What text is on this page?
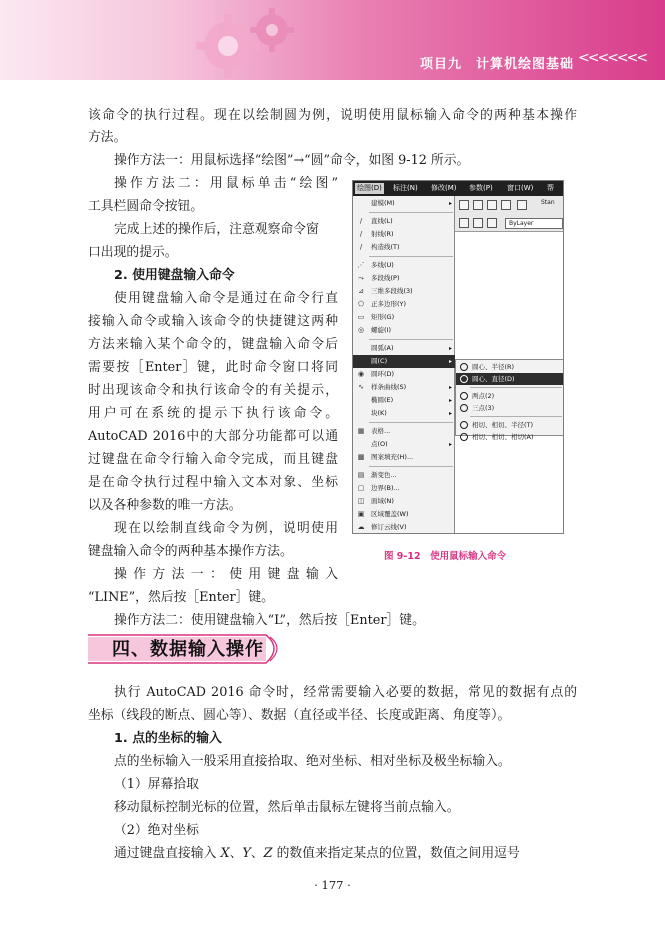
项目九　计算机绘图基础 <<<<<<<
该命令的执行过程。现在以绘制圆为例，说明使用鼠标输入命令的两种基本操作
方法。
操作方法一：用鼠标选择“绘图”→“圆”命令，如图 9-12 所示。
操作方法二：用鼠标单击“绘图”
工具栏圆命令按钮。
完成上述的操作后，注意观察命令窗
口出现的提示。
2. 使用键盘输入命令
使用键盘输入命令是通过在命令行直
接输入命令或输入该命令的快捷键这两种
方法来输入某个命令的，键盘输入命令后
需要按［Enter］键，此时命令窗口将同
时出现该命令和执行该命令的有关提示，
用户可在系统的提示下执行该命令。
AutoCAD 2016中的大部分功能都可以通
过键盘在命令行输入命令完成，而且键盘
是在命令执行过程中输入文本对象、坐标
以及各种参数的唯一方法。
现在以绘制直线命令为例，说明使用
键盘输入命令的两种基本操作方法。
操作方法一：使用键盘输入
“LINE”，然后按［Enter］键。
操作方法二：使用键盘输入“L”，然后按［Enter］键。
绘图(D) 标注(N) 修改(M) 参数(P) 窗口(W) 帮
Stan
ByLayer
建模(M)	▸
/	直线(L)
/	射线(R)
/	构造线(T)
⋰ 多线(U)
⤳ 多段线(P)
⊿ 三维多段线(3)
⬠ 正多边形(Y)
▭ 矩形(G)
◎ 螺旋(I)
圆弧(A)	▸
圆(C)	▸
◉ 圆环(D)
∿ 样条曲线(S)	▸
椭圆(E)	▸
块(K)	▸
▦ 表格...
点(O)	▸
▩ 图案填充(H)...
▤ 渐变色...
▢ 边界(B)...
◫ 面域(N)
▣ 区域覆盖(W)
☁ 修订云线(V)
圆心、半径(R)
圆心、直径(D)
两点(2)
三点(3)
相切、相切、半径(T)
相切、相切、相切(A)
图 9-12　使用鼠标输入命令
四、数据输入操作
执行 AutoCAD 2016 命令时，经常需要输入必要的数据，常见的数据有点的
坐标（线段的断点、圆心等）、数据（直径或半径、长度或距离、角度等）。
1. 点的坐标的输入
点的坐标输入一般采用直接拾取、绝对坐标、相对坐标及极坐标输入。
（1）屏幕拾取
移动鼠标控制光标的位置，然后单击鼠标左键将当前点输入。
（2）绝对坐标
通过键盘直接输入 X、Y、Z 的数值来指定某点的位置，数值之间用逗号
· 177 ·
